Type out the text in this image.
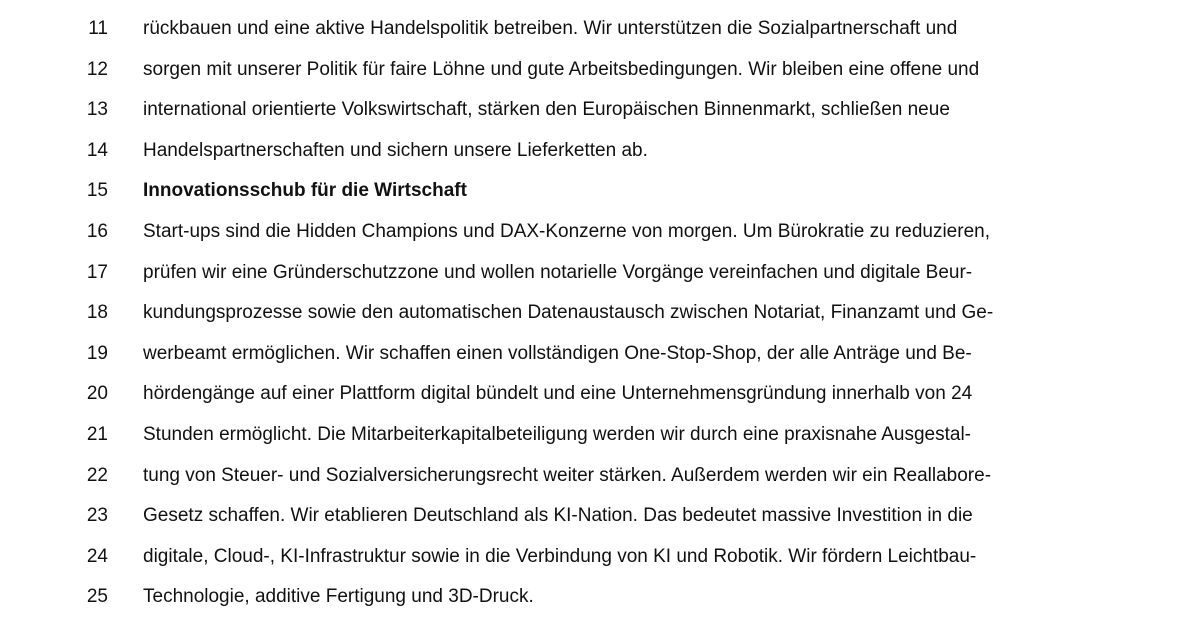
11 rückbauen und eine aktive Handelspolitik betreiben. Wir unterstützen die Sozialpartnerschaft und
12 sorgen mit unserer Politik für faire Löhne und gute Arbeitsbedingungen. Wir bleiben eine offene und
13 international orientierte Volkswirtschaft, stärken den Europäischen Binnenmarkt, schließen neue
14 Handelspartnerschaften und sichern unsere Lieferketten ab.
15 Innovationsschub für die Wirtschaft
16 Start-ups sind die Hidden Champions und DAX-Konzerne von morgen. Um Bürokratie zu reduzieren,
17 prüfen wir eine Gründerschutzzone und wollen notarielle Vorgänge vereinfachen und digitale Beur-
18 kundungsprozesse sowie den automatischen Datenaustausch zwischen Notariat, Finanzamt und Ge-
19 werbeamt ermöglichen. Wir schaffen einen vollständigen One-Stop-Shop, der alle Anträge und Be-
20 hördengänge auf einer Plattform digital bündelt und eine Unternehmensgründung innerhalb von 24
21 Stunden ermöglicht. Die Mitarbeiterkapitalbeteiligung werden wir durch eine praxisnahe Ausgestal-
22 tung von Steuer- und Sozialversicherungsrecht weiter stärken. Außerdem werden wir ein Reallabore-
23 Gesetz schaffen. Wir etablieren Deutschland als KI-Nation. Das bedeutet massive Investition in die
24 digitale, Cloud-, KI-Infrastruktur sowie in die Verbindung von KI und Robotik. Wir fördern Leichtbau-
25 Technologie, additive Fertigung und 3D-Druck.
